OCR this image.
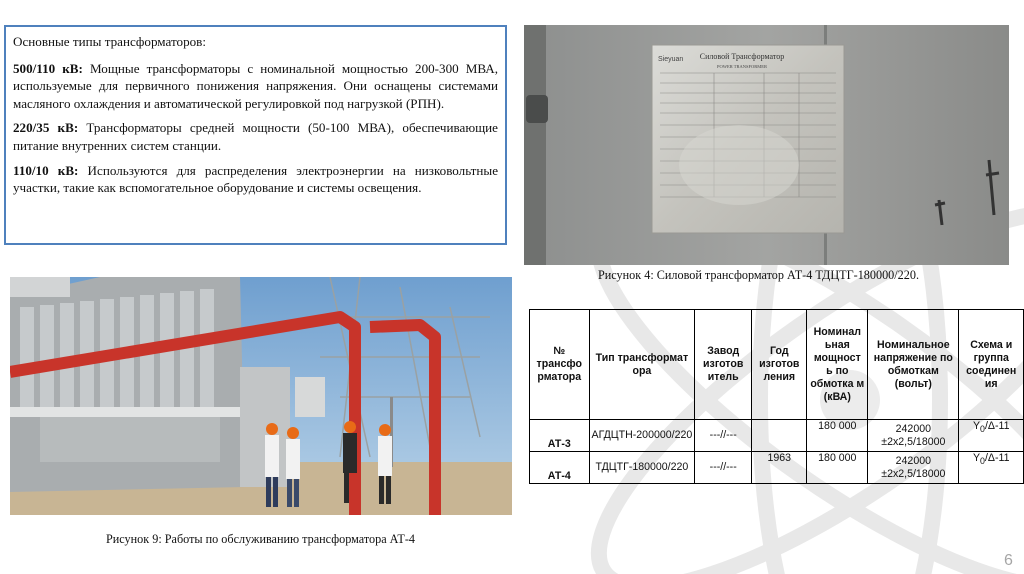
Основные типы трансформаторов:

500/110 кВ: Мощные трансформаторы с номинальной мощностью 200-300 МВА, используемые для первичного понижения напряжения. Они оснащены системами масляного охлаждения и автоматической регулировкой под нагрузкой (РПН).

220/35 кВ: Трансформаторы средней мощности (50-100 МВА), обеспечивающие питание внутренних систем станции.

110/10 кВ: Используются для распределения электроэнергии на низковольтные участки, такие как вспомогательное оборудование и системы освещения.

Sieyuan Силовой Трансформатор
POWER TRANSFORMER
Рисунок 4: Силовой трансформатор АТ-4 ТДЦТГ-180000/220.
Рисунок 9: Работы по обслуживанию трансформатора АТ-4
№ трансфо рматора	Тип трансформат ора	Завод изготов итель	Год изготов ления	Номинал ьная мощност ь по обмотка м (кВА)	Номинальное напряжение по обмоткам (вольт)	Схема и группа соединен ия
АТ-3	АГДЦТН-200000/220	---//---		180 000	242000 ±2х2,5/18000	$Y_0/\Delta-11$
АТ-4	ТДЦТГ-180000/220	---//---	1963	180 000	242000 ±2х2,5/18000	$Y_0/\Delta-11$
6
